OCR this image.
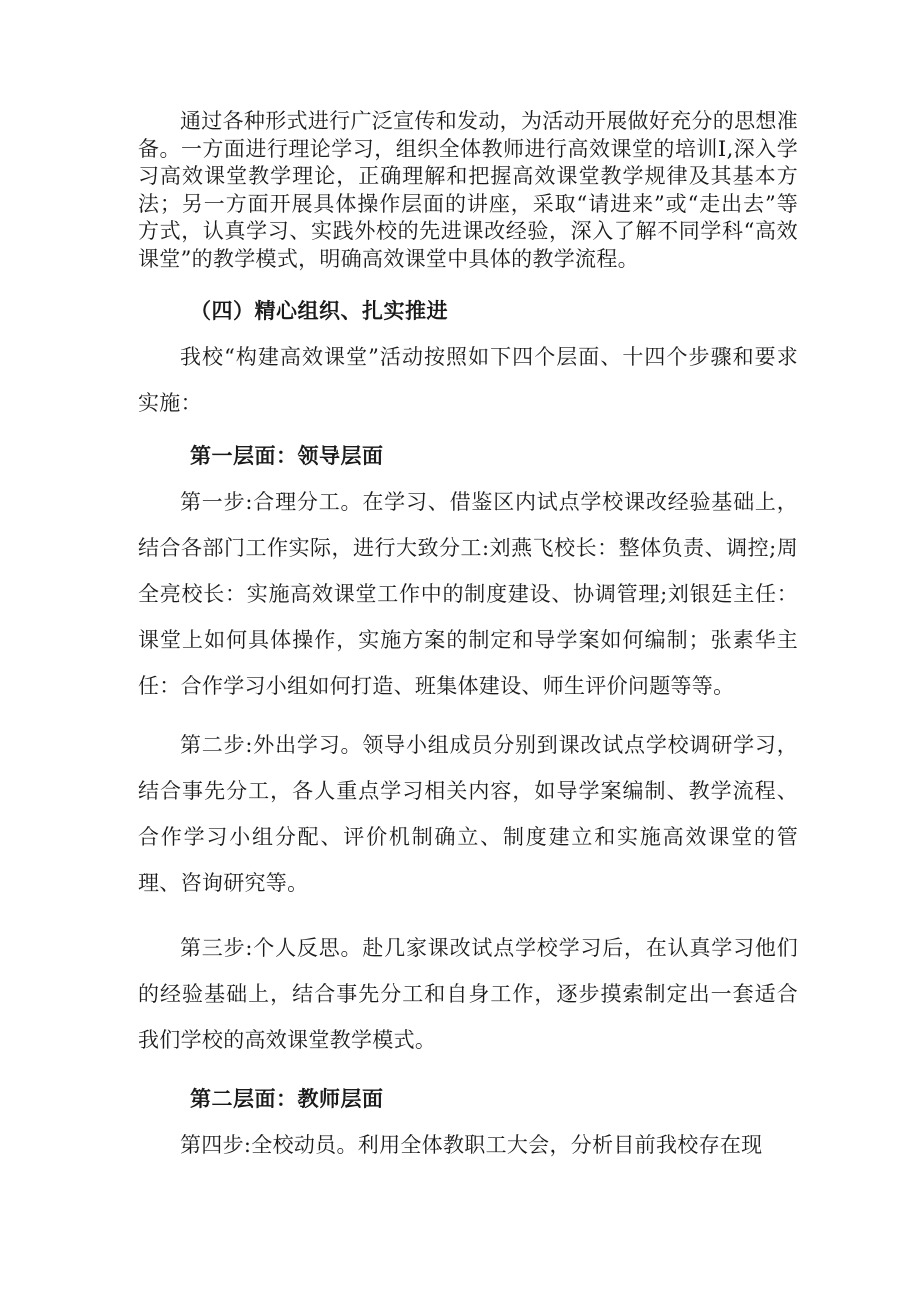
通过各种形式进行广泛宣传和发动，为活动开展做好充分的思想准备。一方面进行理论学习，组织全体教师进行高效课堂的培训Ⅰ,深入学习高效课堂教学理论，正确理解和把握高效课堂教学规律及其基本方法；另一方面开展具体操作层面的讲座，采取“请进来”或“走出去”等方式，认真学习、实践外校的先进课改经验，深入了解不同学科“高效课堂”的教学模式，明确高效课堂中具体的教学流程。

（四）精心组织、扎实推进

我校“构建高效课堂”活动按照如下四个层面、十四个步骤和要求实施：

第一层面：领导层面

第一步:合理分工。在学习、借鉴区内试点学校课改经验基础上，结合各部门工作实际，进行大致分工:刘燕飞校长：整体负责、调控;周全亮校长：实施高效课堂工作中的制度建设、协调管理;刘银廷主任：课堂上如何具体操作，实施方案的制定和导学案如何编制；张素华主任：合作学习小组如何打造、班集体建设、师生评价问题等等。

第二步:外出学习。领导小组成员分别到课改试点学校调研学习，结合事先分工，各人重点学习相关内容，如导学案编制、教学流程、合作学习小组分配、评价机制确立、制度建立和实施高效课堂的管理、咨询研究等。

第三步:个人反思。赴几家课改试点学校学习后，在认真学习他们的经验基础上，结合事先分工和自身工作，逐步摸索制定出一套适合我们学校的高效课堂教学模式。

第二层面：教师层面

第四步:全校动员。利用全体教职工大会，分析目前我校存在现
